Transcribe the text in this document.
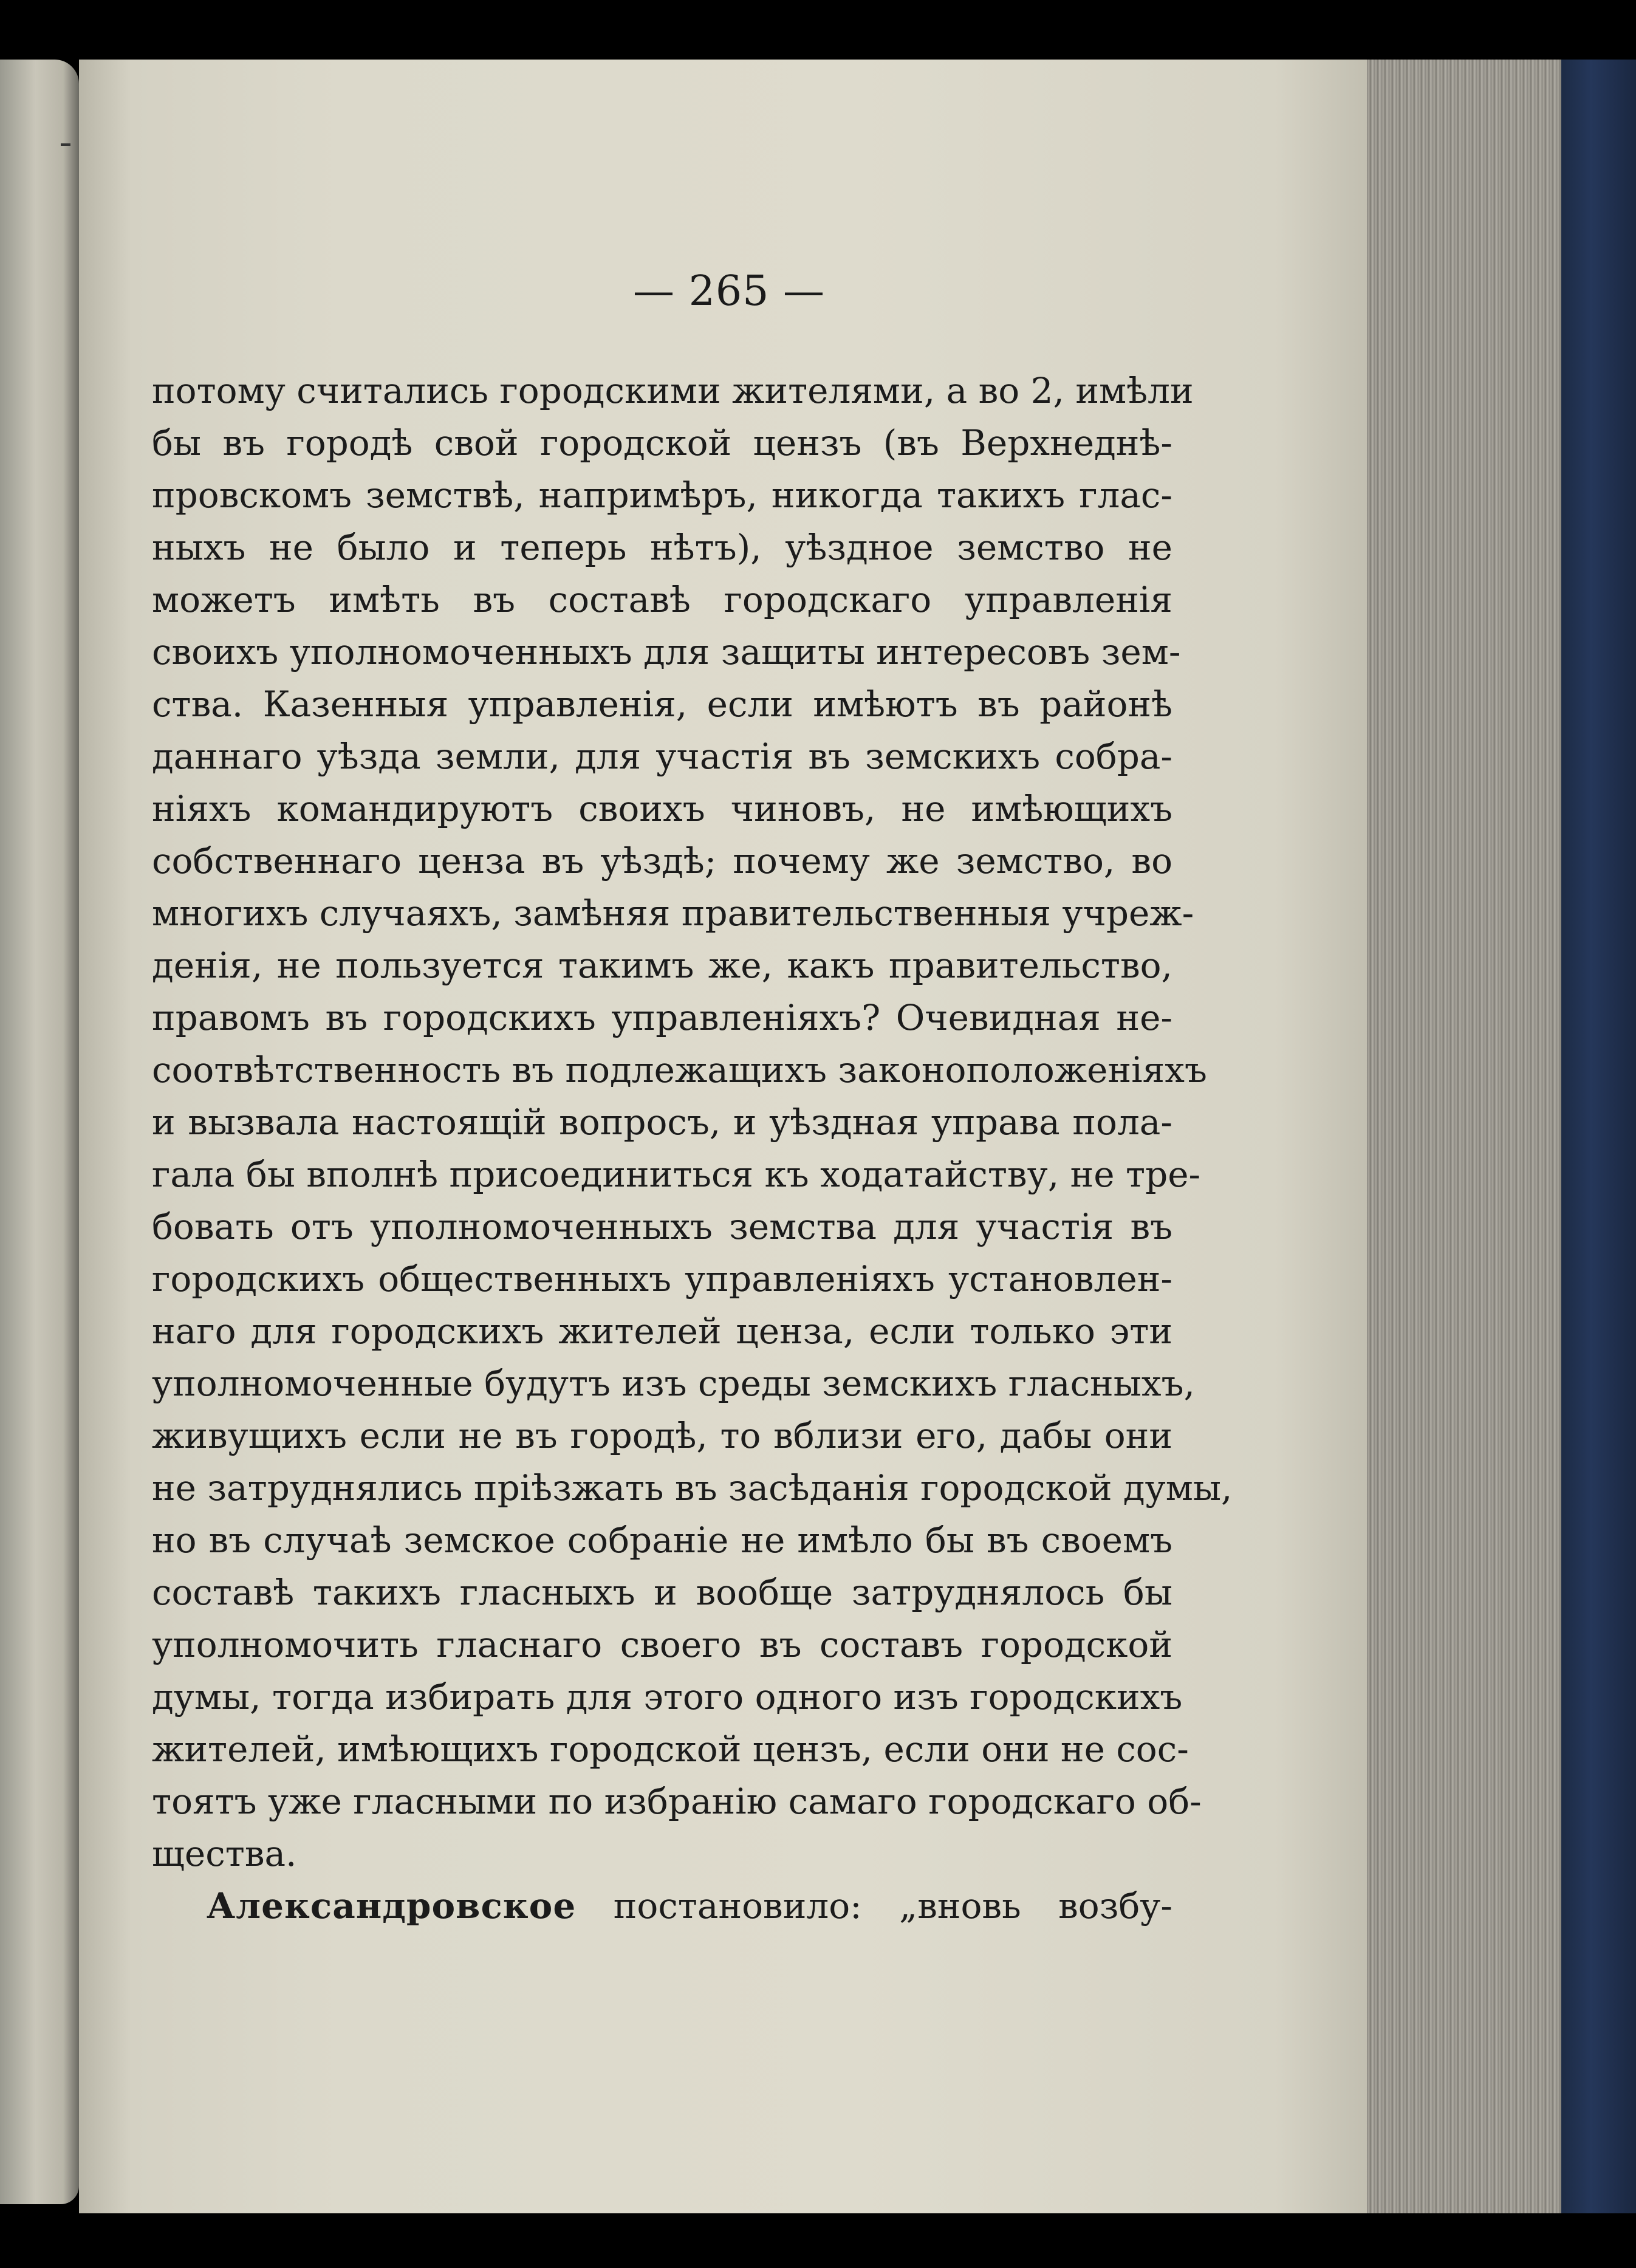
— 265 —
потому считались городскими жителями, а во 2, имѣли
бы въ городѣ свой городской цензъ (въ Верхнеднѣ-
провскомъ земствѣ, напримѣръ, никогда такихъ глас-
ныхъ не было и теперь нѣтъ), уѣздное земство не
можетъ имѣть въ составѣ городскаго управленія
своихъ уполномоченныхъ для защиты интересовъ зем-
ства. Казенныя управленія, если имѣютъ въ районѣ
даннаго уѣзда земли, для участія въ земскихъ собра-
ніяхъ командируютъ своихъ чиновъ, не имѣющихъ
собственнаго ценза въ уѣздѣ; почему же земство, во
многихъ случаяхъ, замѣняя правительственныя учреж-
денія, не пользуется такимъ же, какъ правительство,
правомъ въ городскихъ управленіяхъ? Очевидная не-
соотвѣтственность въ подлежащихъ законоположеніяхъ
и вызвала настоящій вопросъ, и уѣздная управа пола-
гала бы вполнѣ присоединиться къ ходатайству, не тре-
бовать отъ уполномоченныхъ земства для участія въ
городскихъ общественныхъ управленіяхъ установлен-
наго для городскихъ жителей ценза, если только эти
уполномоченные будутъ изъ среды земскихъ гласныхъ,
живущихъ если не въ городѣ, то вблизи его, дабы они
не затруднялись пріѣзжать въ засѣданія городской думы,
но въ случаѣ земское собраніе не имѣло бы въ своемъ
составѣ такихъ гласныхъ и вообще затруднялось бы
уполномочить гласнаго своего въ составъ городской
думы, тогда избирать для этого одного изъ городскихъ
жителей, имѣющихъ городской цензъ, если они не сос-
тоятъ уже гласными по избранію самаго городскаго об-
щества.
Александровское постановило: „вновь возбу-
